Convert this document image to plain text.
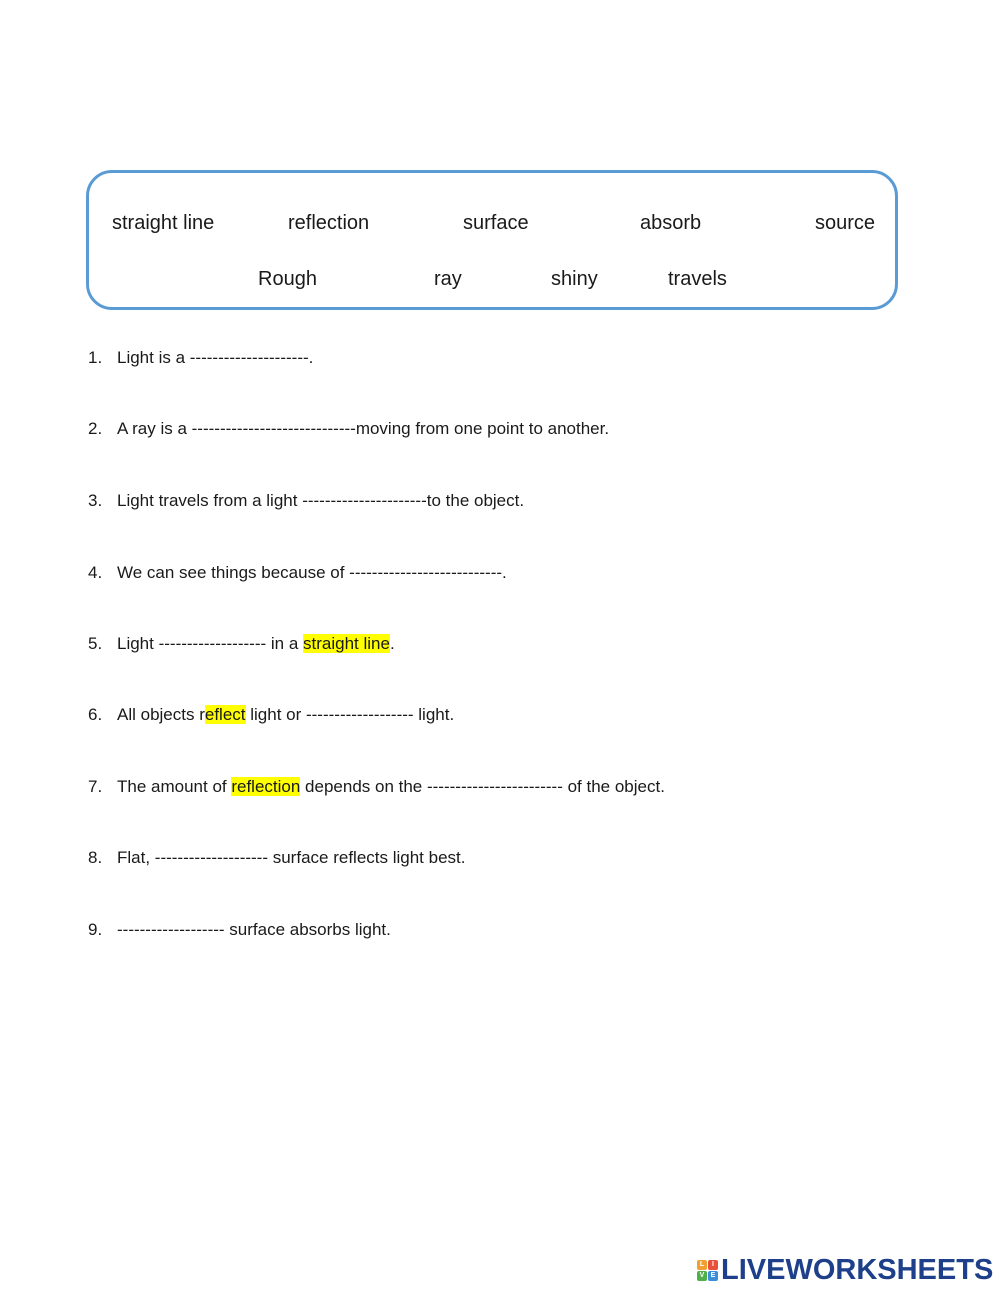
straight line	reflection	surface	absorb	source
Rough	ray	shiny	travels
1. Light is a ---------------------.
2. A ray is a -----------------------------moving from one point to another.
3. Light travels from a light ----------------------to the object.
4. We can see things because of ---------------------------.
5. Light ------------------- in a straight line.
6. All objects reflect light or ------------------- light.
7. The amount of reflection depends on the ------------------------ of the object.
8. Flat, -------------------- surface reflects light best.
9. ------------------- surface absorbs light.
L	I
V E LIVEWORKSHEETS
